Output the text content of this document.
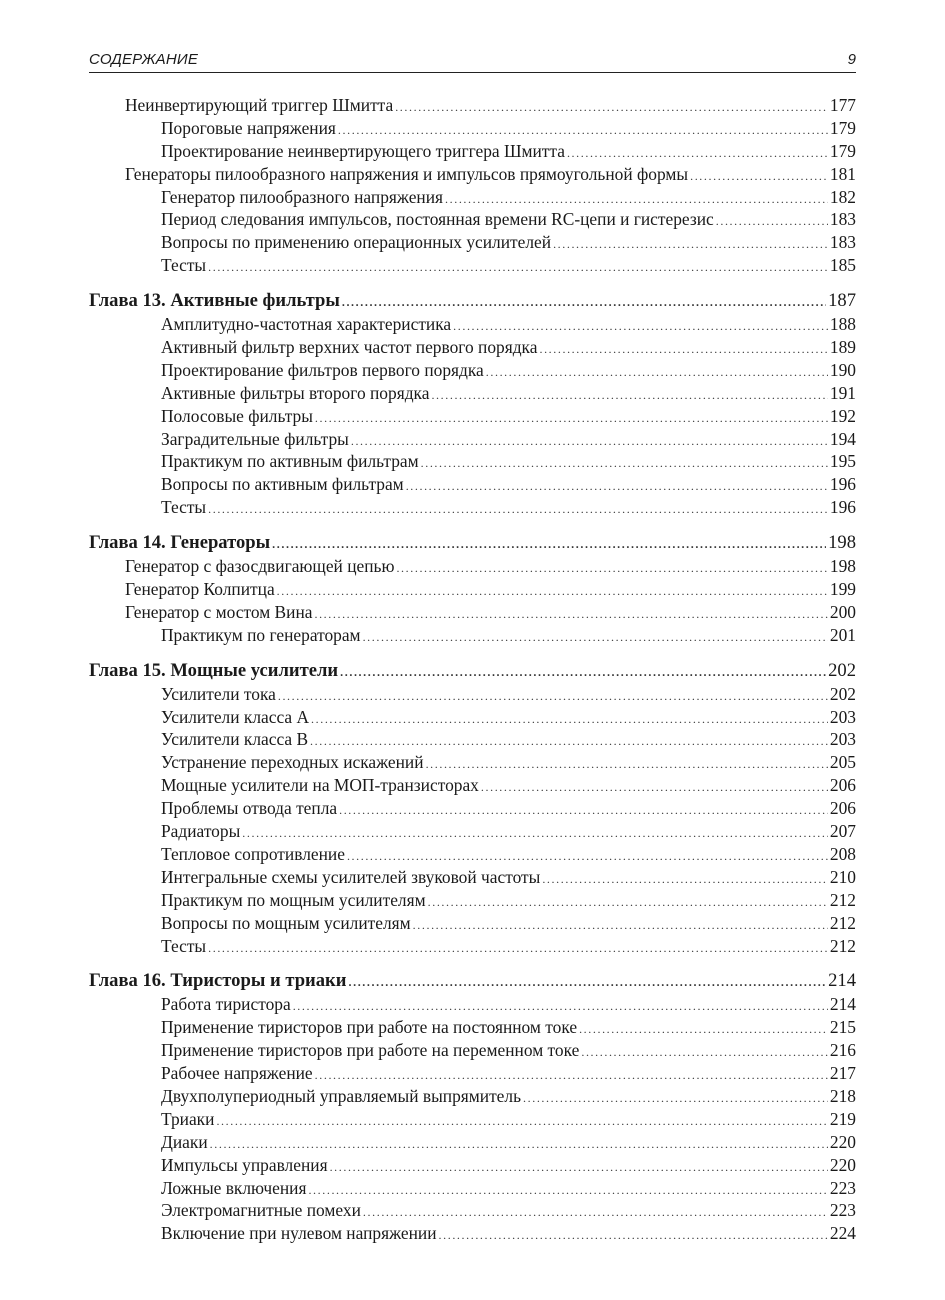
СОДЕРЖАНИЕ	9
Неинвертирующий триггер Шмитта .....	177
Пороговые напряжения .....	179
Проектирование неинвертирующего триггера Шмитта .....	179
Генераторы пилообразного напряжения и импульсов прямоугольной формы .....	181
Генератор пилообразного напряжения .....	182
Период следования импульсов, постоянная времени RC-цепи и гистерезис .....	183
Вопросы по применению операционных усилителей .....	183
Тесты .....	185
Глава 13. Активные фильтры .....	187
Амплитудно-частотная характеристика .....	188
Активный фильтр верхних частот первого порядка .....	189
Проектирование фильтров первого порядка .....	190
Активные фильтры второго порядка .....	191
Полосовые фильтры .....	192
Заградительные фильтры .....	194
Практикум по активным фильтрам .....	195
Вопросы по активным фильтрам .....	196
Тесты .....	196
Глава 14. Генераторы .....	198
Генератор с фазосдвигающей цепью .....	198
Генератор Колпитца .....	199
Генератор с мостом Вина .....	200
Практикум по генераторам .....	201
Глава 15. Мощные усилители .....	202
Усилители тока .....	202
Усилители класса А .....	203
Усилители класса В .....	203
Устранение переходных искажений .....	205
Мощные усилители на МОП-транзисторах .....	206
Проблемы отвода тепла .....	206
Радиаторы .....	207
Тепловое сопротивление .....	208
Интегральные схемы усилителей звуковой частоты .....	210
Практикум по мощным усилителям .....	212
Вопросы по мощным усилителям .....	212
Тесты .....	212
Глава 16. Тиристоры и триаки .....	214
Работа тиристора .....	214
Применение тиристоров при работе на постоянном токе .....	215
Применение тиристоров при работе на переменном токе .....	216
Рабочее напряжение .....	217
Двухполупериодный управляемый выпрямитель .....	218
Триаки .....	219
Диаки .....	220
Импульсы управления .....	220
Ложные включения .....	223
Электромагнитные помехи .....	223
Включение при нулевом напряжении .....	224
